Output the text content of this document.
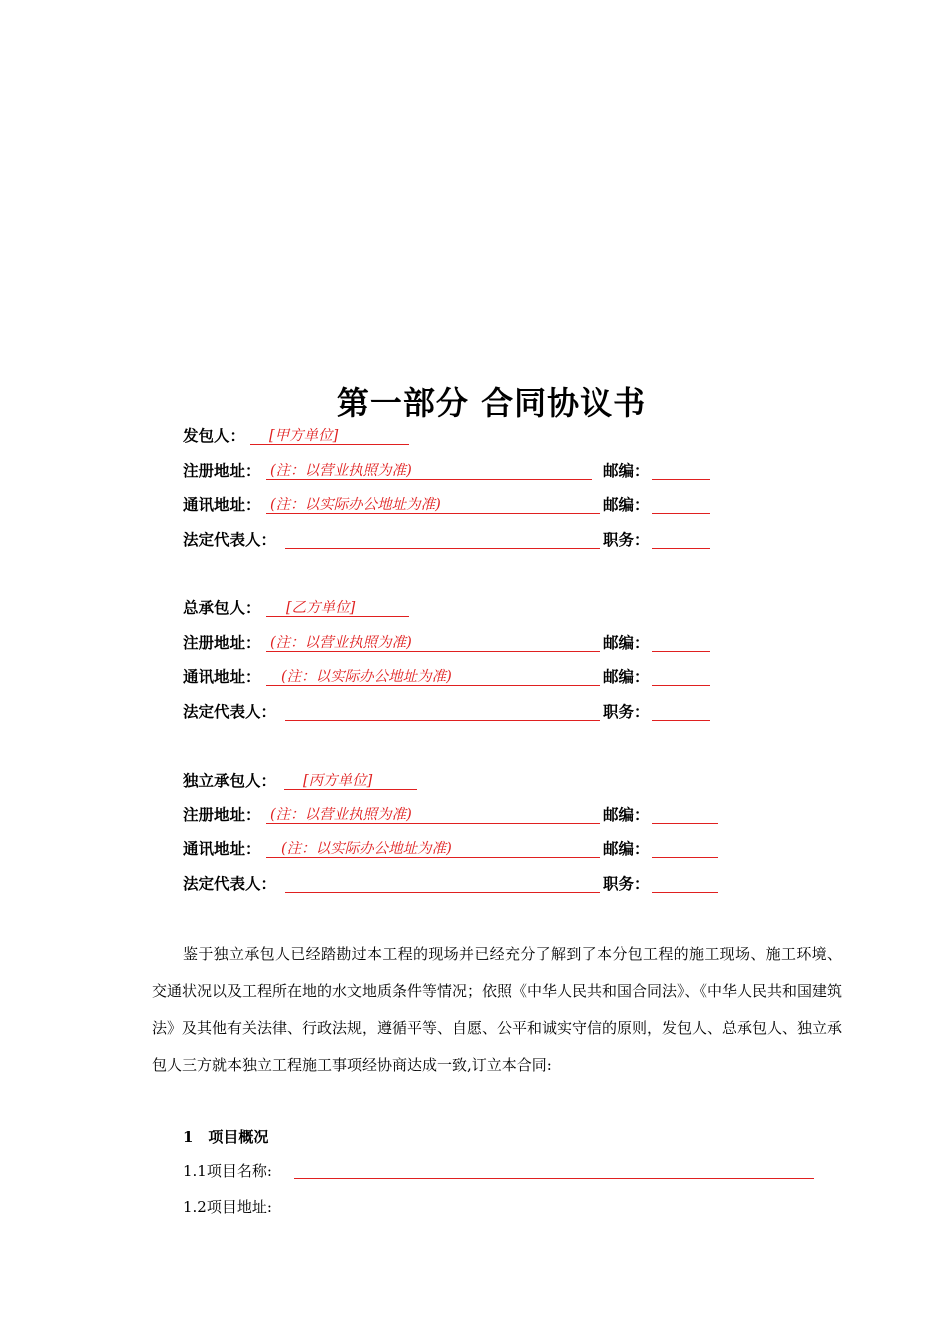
第一部分 合同协议书
发包人： [甲方单位]
注册地址： (注：以营业执照为准)	邮编：
通讯地址： (注：以实际办公地址为准)	邮编：
法定代表人：	职务：
总承包人： [乙方单位]
注册地址： (注：以营业执照为准)	邮编：
通讯地址： (注：以实际办公地址为准)	邮编：
法定代表人：	职务：
独立承包人： [丙方单位]
注册地址： (注：以营业执照为准)	邮编：
通讯地址： (注：以实际办公地址为准)	邮编：
法定代表人：	职务：
鉴于独立承包人已经踏勘过本工程的现场并已经充分了解到了本分包工程的施工现场、施工环境、交通状况以及工程所在地的水文地质条件等情况；依照《中华人民共和国合同法》、《中华人民共和国建筑法》及其他有关法律、行政法规，遵循平等、自愿、公平和诚实守信的原则，发包人、总承包人、独立承包人三方就本独立工程施工事项经协商达成一致,订立本合同:
1　项目概况
1.1项目名称:
1.2项目地址:
